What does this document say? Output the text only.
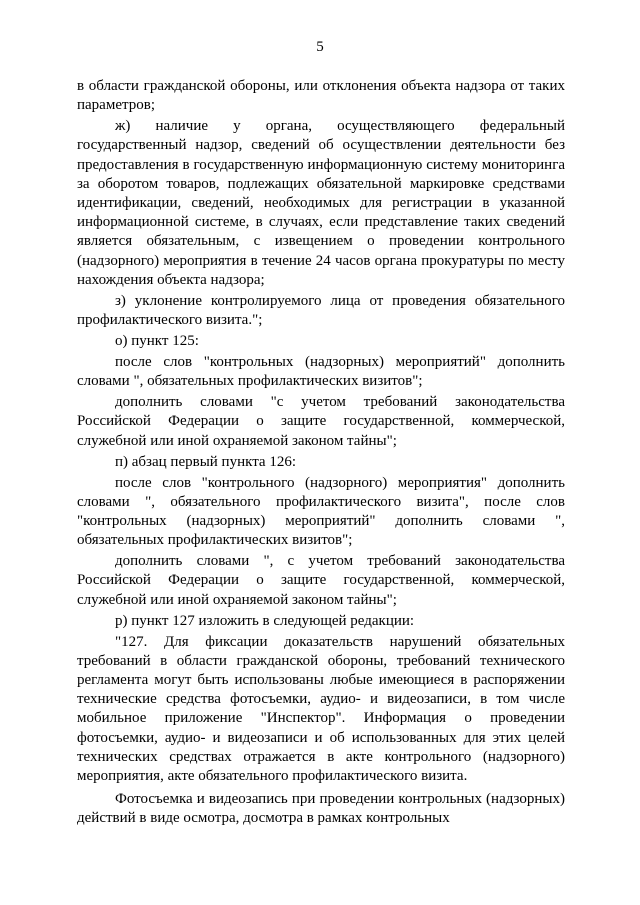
5

в области гражданской обороны, или отклонения объекта надзора от таких параметров;

ж) наличие у органа, осуществляющего федеральный государственный надзор, сведений об осуществлении деятельности без предоставления в государственную информационную систему мониторинга за оборотом товаров, подлежащих обязательной маркировке средствами идентификации, сведений, необходимых для регистрации в указанной информационной системе, в случаях, если представление таких сведений является обязательным, с извещением о проведении контрольного (надзорного) мероприятия в течение 24 часов органа прокуратуры по месту нахождения объекта надзора;

з) уклонение контролируемого лица от проведения обязательного профилактического визита.";

о) пункт 125:

после слов "контрольных (надзорных) мероприятий" дополнить словами ", обязательных профилактических визитов";

дополнить словами "с учетом требований законодательства Российской Федерации о защите государственной, коммерческой, служебной или иной охраняемой законом тайны";

п) абзац первый пункта 126:

после слов "контрольного (надзорного) мероприятия" дополнить словами ", обязательного профилактического визита", после слов "контрольных (надзорных) мероприятий" дополнить словами ", обязательных профилактических визитов";

дополнить словами ", с учетом требований законодательства Российской Федерации о защите государственной, коммерческой, служебной или иной охраняемой законом тайны";

р) пункт 127 изложить в следующей редакции:

"127. Для фиксации доказательств нарушений обязательных требований в области гражданской обороны, требований технического регламента могут быть использованы любые имеющиеся в распоряжении технические средства фотосъемки, аудио- и видеозаписи, в том числе мобильное приложение "Инспектор". Информация о проведении фотосъемки, аудио- и видеозаписи и об использованных для этих целей технических средствах отражается в акте контрольного (надзорного) мероприятия, акте обязательного профилактического визита.

Фотосъемка и видеозапись при проведении контрольных (надзорных) действий в виде осмотра, досмотра в рамках контрольных
